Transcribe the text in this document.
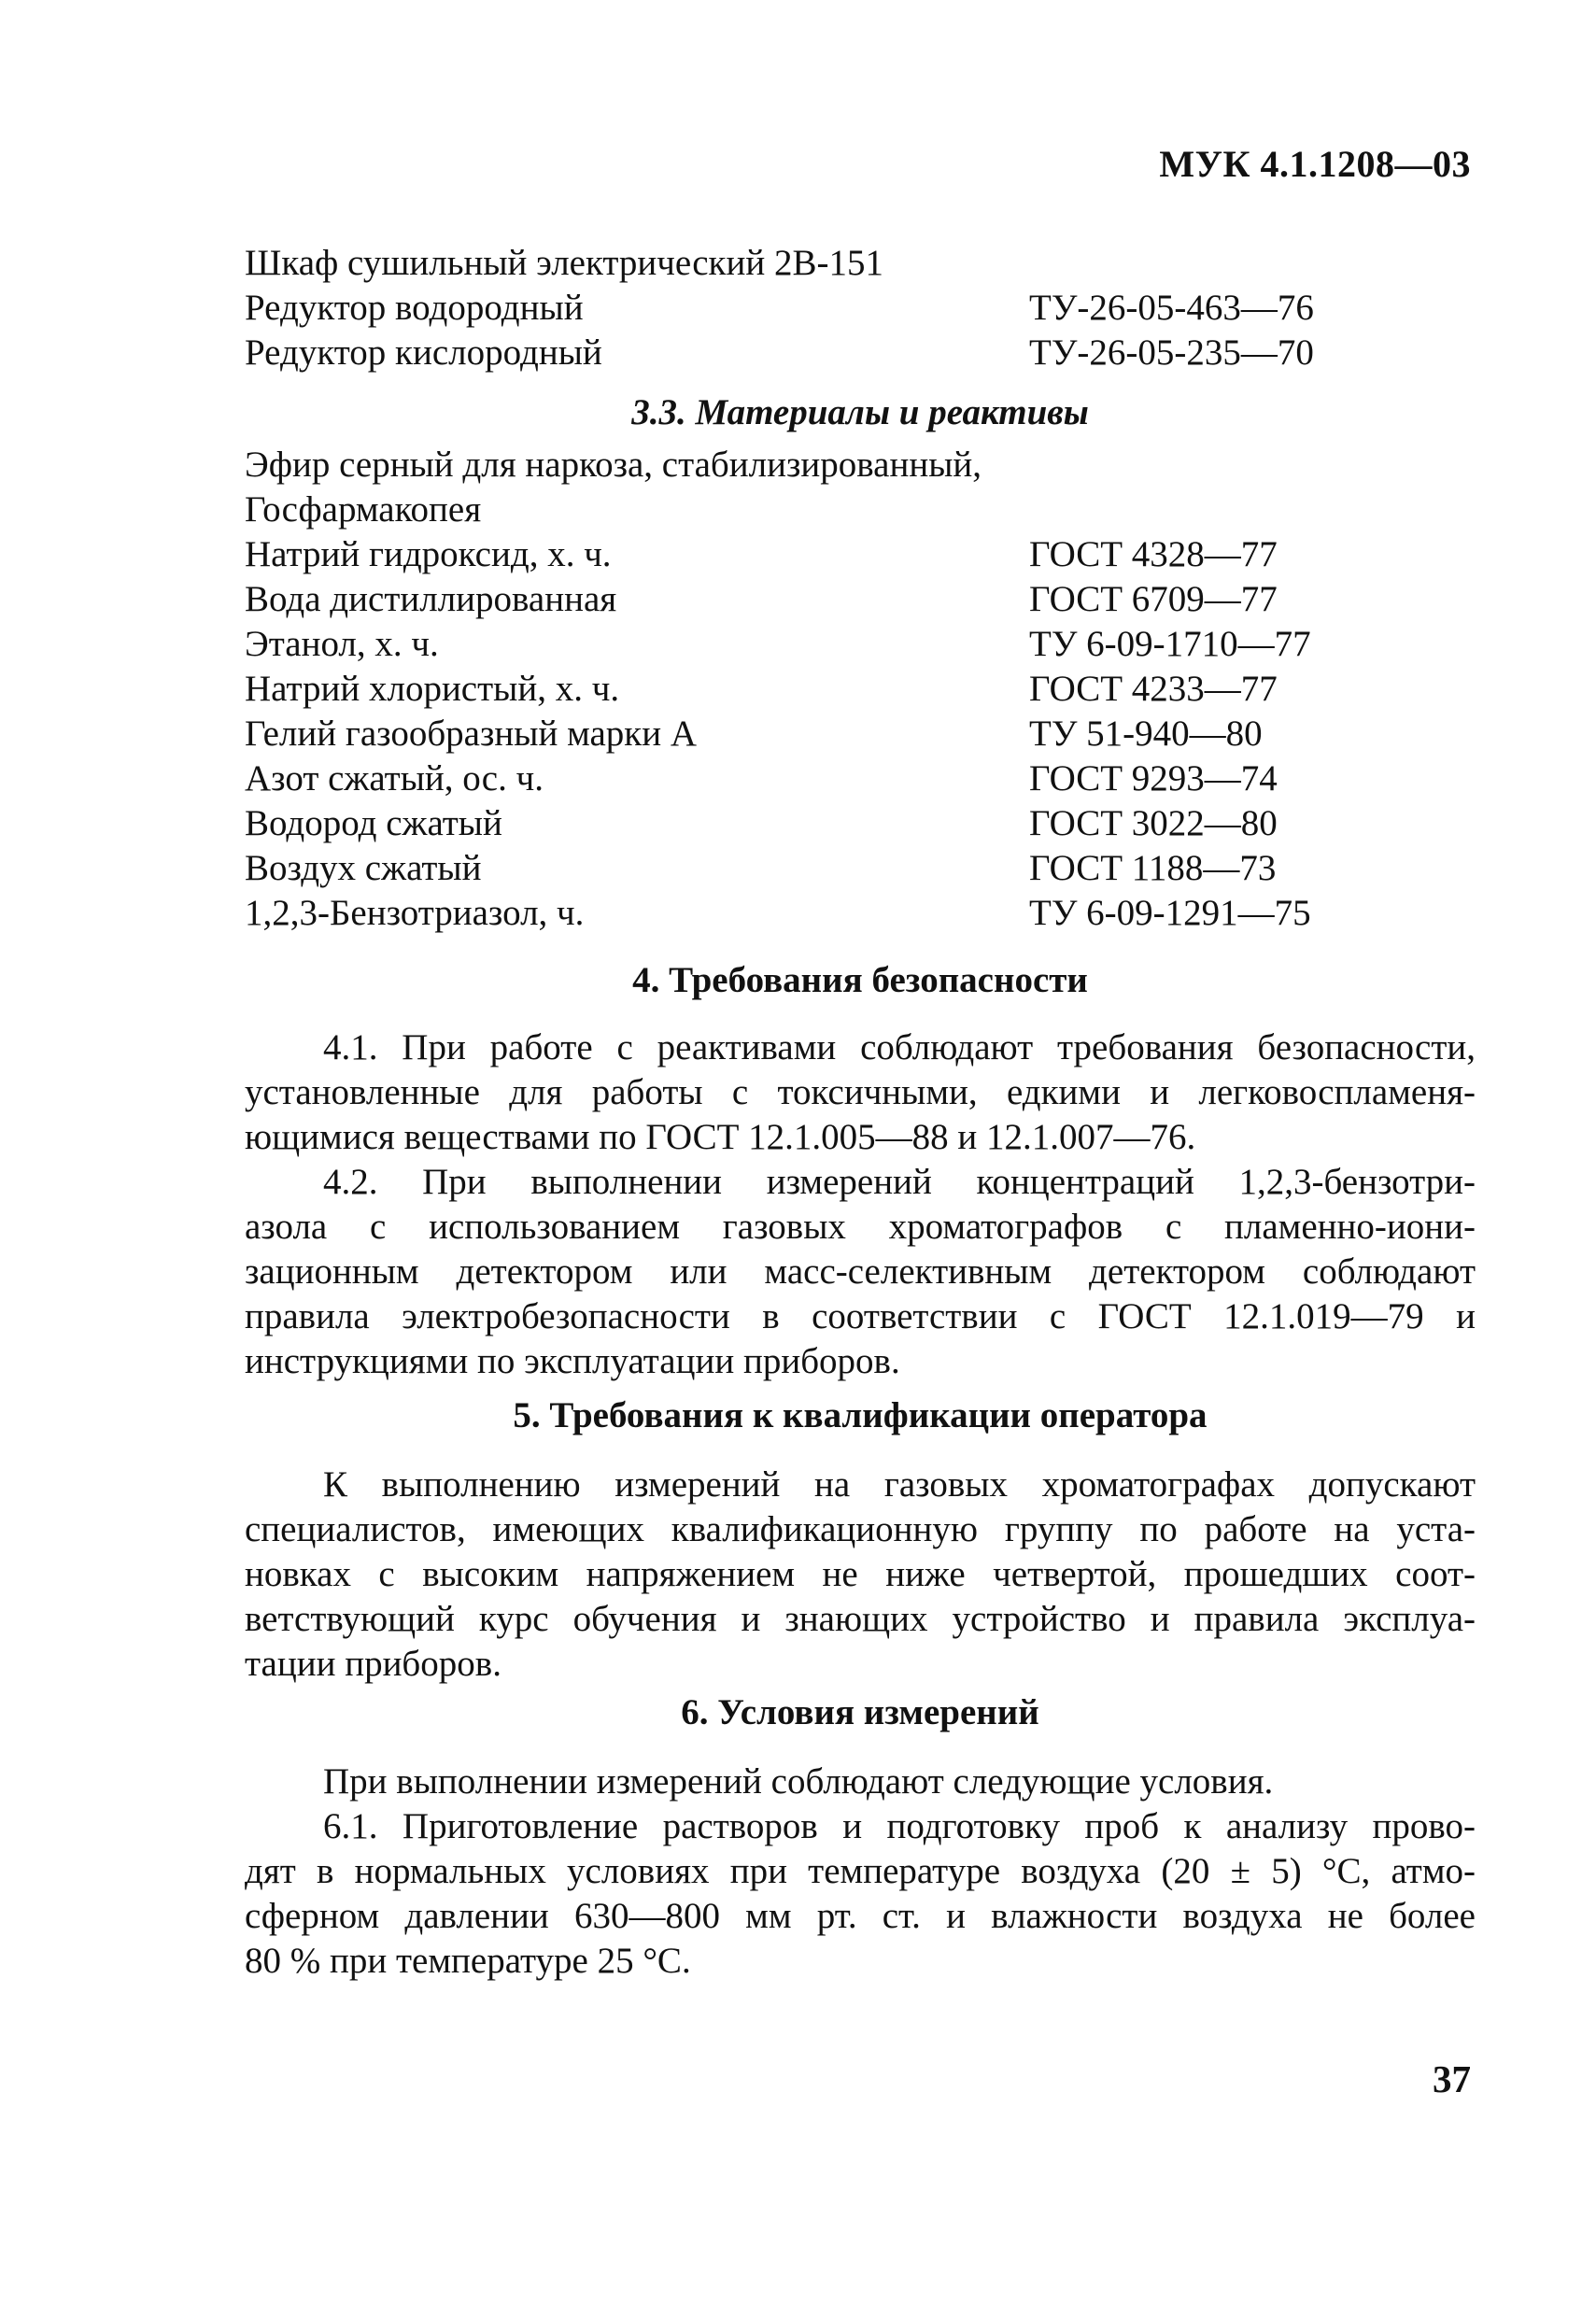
МУК 4.1.1208—03
Шкаф сушильный электрический 2В-151
Редуктор водородный	ТУ-26-05-463—76
Редуктор кислородный	ТУ-26-05-235—70
3.3. Материалы и реактивы
Эфир серный для наркоза, стабилизированный,
Госфармакопея
Натрий гидроксид, х. ч.	ГОСТ 4328—77
Вода дистиллированная	ГОСТ 6709—77
Этанол, х. ч.	ТУ 6-09-1710—77
Натрий хлористый, х. ч.	ГОСТ 4233—77
Гелий газообразный марки А	ТУ 51-940—80
Азот сжатый, ос. ч.	ГОСТ 9293—74
Водород сжатый	ГОСТ 3022—80
Воздух сжатый	ГОСТ 1188—73
1,2,3-Бензотриазол, ч.	ТУ 6-09-1291—75
4. Требования безопасности
4.1. При работе с реактивами соблюдают требования безопасности,
установленные для работы с токсичными, едкими и легковоспламеня-
ющимися веществами по ГОСТ 12.1.005—88 и 12.1.007—76.
4.2. При выполнении измерений концентраций 1,2,3-бензотри-
азола с использованием газовых хроматографов с пламенно-иони-
зационным детектором или масс-селективным детектором соблюдают
правила электробезопасности в соответствии с ГОСТ 12.1.019—79 и
инструкциями по эксплуатации приборов.
5. Требования к квалификации оператора
К выполнению измерений на газовых хроматографах допускают
специалистов, имеющих квалификационную группу по работе на уста-
новках с высоким напряжением не ниже четвертой, прошедших соот-
ветствующий курс обучения и знающих устройство и правила эксплуа-
тации приборов.
6. Условия измерений
При выполнении измерений соблюдают следующие условия.
6.1. Приготовление растворов и подготовку проб к анализу прово-
дят в нормальных условиях при температуре воздуха (20 ± 5) °С, атмо-
сферном давлении 630—800 мм рт. ст. и влажности воздуха не более
80 % при температуре 25 °С.
37
